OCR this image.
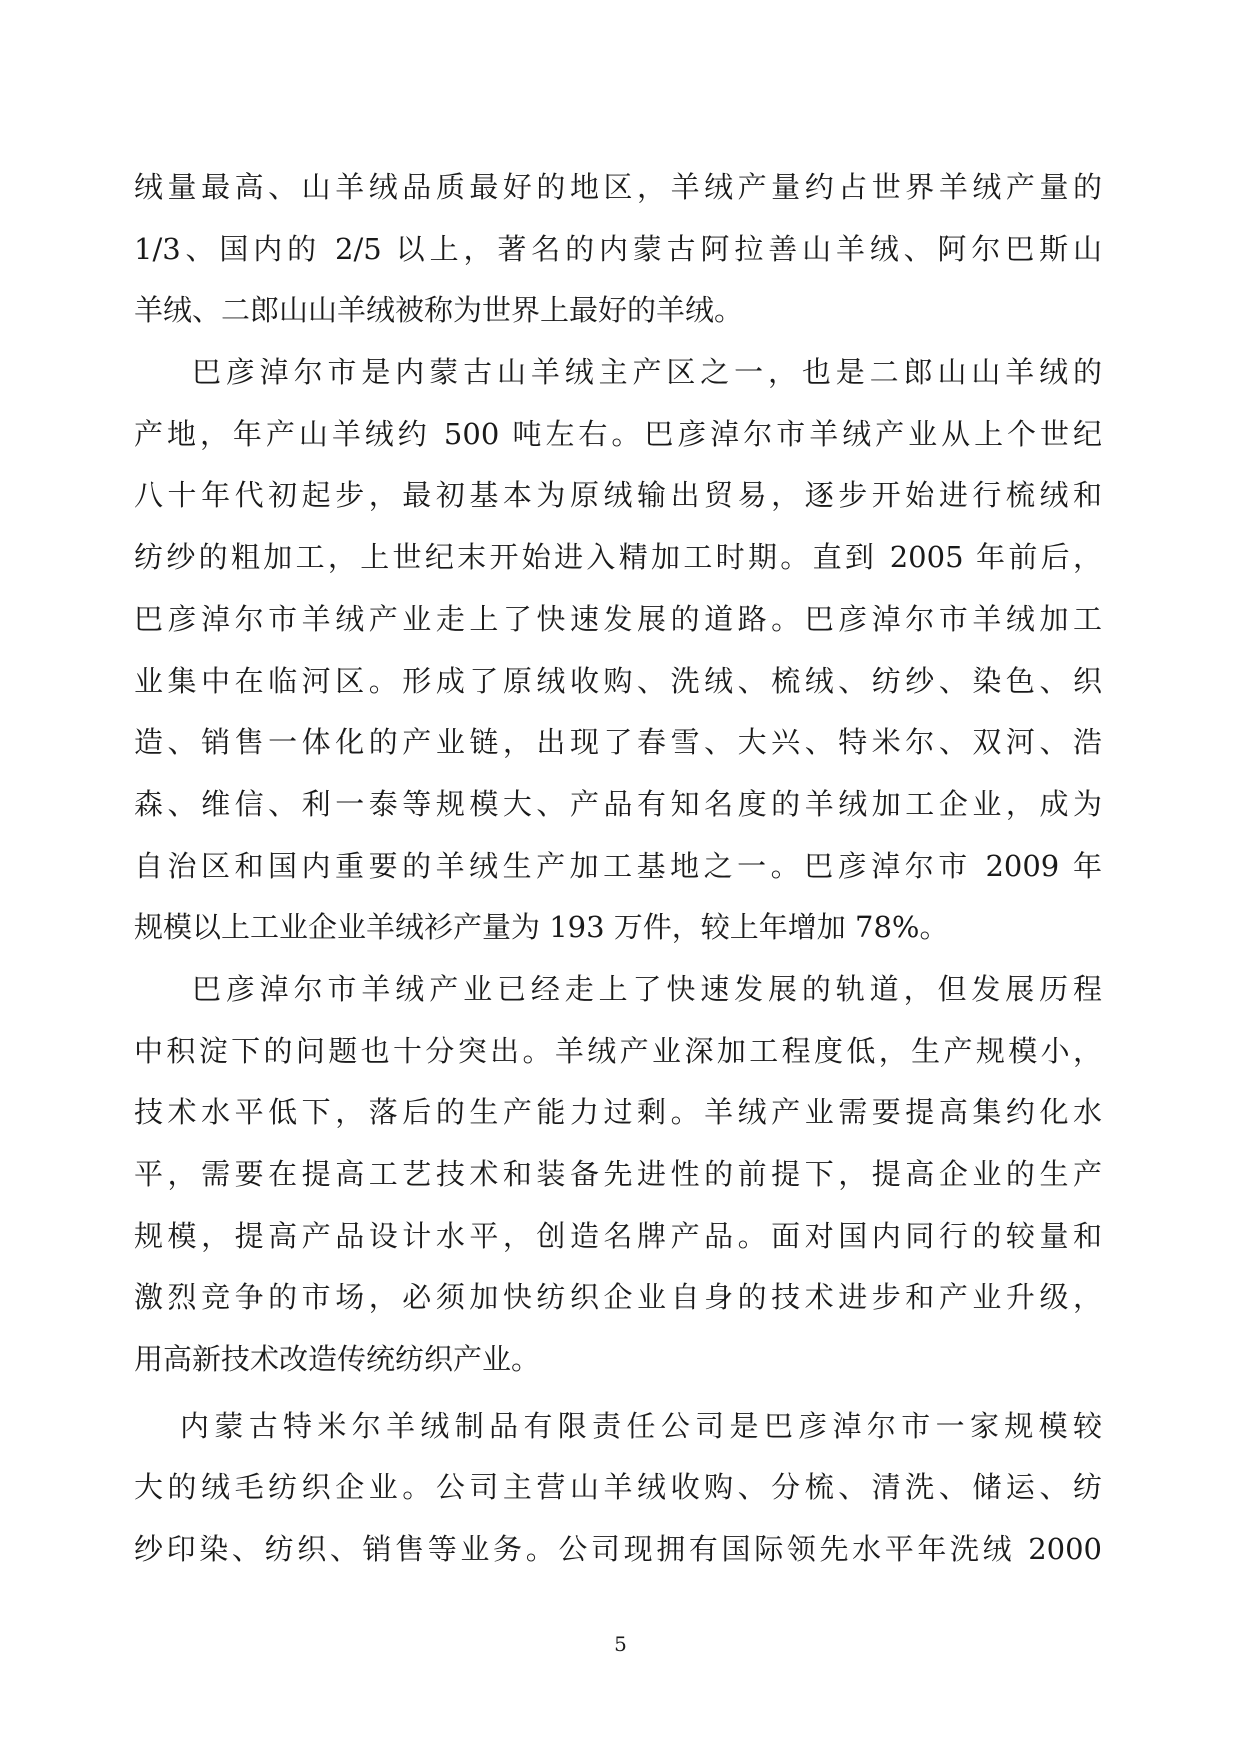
绒量最高、山羊绒品质最好的地区，羊绒产量约占世界羊绒产量的
1/3、国内的 2/5 以上，著名的内蒙古阿拉善山羊绒、阿尔巴斯山
羊绒、二郎山山羊绒被称为世界上最好的羊绒。
巴彦淖尔市是内蒙古山羊绒主产区之一，也是二郎山山羊绒的
产地，年产山羊绒约 500 吨左右。巴彦淖尔市羊绒产业从上个世纪
八十年代初起步，最初基本为原绒输出贸易，逐步开始进行梳绒和
纺纱的粗加工，上世纪末开始进入精加工时期。直到 2005 年前后，
巴彦淖尔市羊绒产业走上了快速发展的道路。巴彦淖尔市羊绒加工
业集中在临河区。形成了原绒收购、洗绒、梳绒、纺纱、染色、织
造、销售一体化的产业链，出现了春雪、大兴、特米尔、双河、浩
森、维信、利一泰等规模大、产品有知名度的羊绒加工企业，成为
自治区和国内重要的羊绒生产加工基地之一。巴彦淖尔市 2009 年
规模以上工业企业羊绒衫产量为 193 万件，较上年增加 78%。
巴彦淖尔市羊绒产业已经走上了快速发展的轨道，但发展历程
中积淀下的问题也十分突出。羊绒产业深加工程度低，生产规模小，
技术水平低下，落后的生产能力过剩。羊绒产业需要提高集约化水
平，需要在提高工艺技术和装备先进性的前提下，提高企业的生产
规模，提高产品设计水平，创造名牌产品。面对国内同行的较量和
激烈竞争的市场，必须加快纺织企业自身的技术进步和产业升级，
用高新技术改造传统纺织产业。
内蒙古特米尔羊绒制品有限责任公司是巴彦淖尔市一家规模较
大的绒毛纺织企业。公司主营山羊绒收购、分梳、清洗、储运、纺
纱印染、纺织、销售等业务。公司现拥有国际领先水平年洗绒 2000
5
